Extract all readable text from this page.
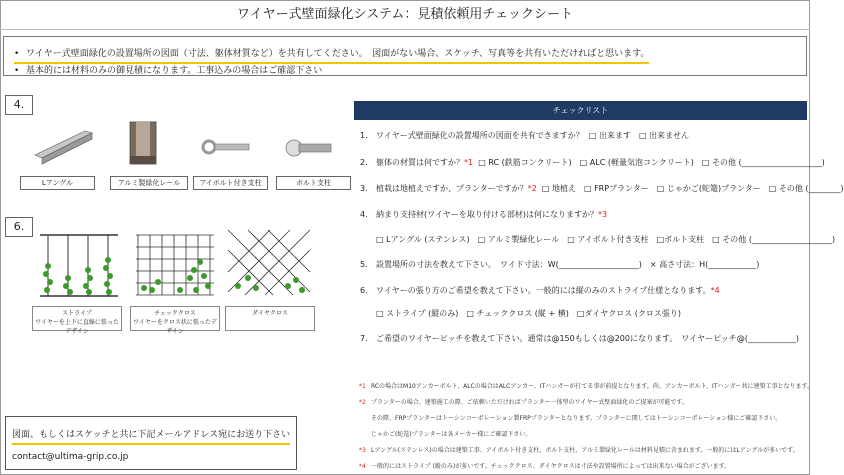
ワイヤー式壁面緑化システム：見積依頼用チェックシート
• ワイヤー式壁面緑化の設置場所の図面（寸法、躯体材質など）を共有してください。　図面がない場合、スケッチ、写真等を共有いただければと思います。
• 基本的には材料のみの御見積になります。工事込みの場合はご確認下さい
4.
6.
Lアングル	アルミ製緑化レール	アイボルト付き支柱	ボルト支柱
ストライプ
ワイヤーを上下に直線に張ったデザイン
チェッククロス
ワイヤーをクロス状に張ったデザイン
ダイヤクロス
チェックリスト
1. ワイヤー式壁面緑化の設置場所の図面を共有できますか？ □ 出来ます　□ 出来ません
2. 躯体の材質は何ですか？*1 □ RC (鉄筋コンクリート)　□ ALC (軽量気泡コンクリート)　□ その他 (____________________)
3. 植栽は地植えですか、プランターですか？*2 □ 地植え　□ FRPプランター　□ じゃかご(蛇篭)プランター　□ その他 (________)
4. 納まり支持材(ワイヤーを取り付ける部材)は何になりますか？*3
□ Lアングル (ステンレス)　□ アルミ製緑化レール　□ アイボルト付き支柱　□ボルト支柱　□ その他 (____________________)
5. 設置場所の寸法を教えて下さい。　ワイド寸法：W(____________________)　× 高さ寸法：H(____________)
6. ワイヤーの張り方のご希望を教えて下さい。一般的には縦のみのストライプ仕様となります。*4
□ ストライプ (縦のみ)　□ チェッククロス (縦 + 横)　□ダイヤクロス (クロス張り)
7. ご希望のワイヤーピッチを教えて下さい。通常は@150もしくは@200になります。　ワイヤーピッチ@(____________)
*1 RCの場合はM10アンカーボルト、ALCの場合はALCアンカー、ITハンガーが打てる事が前提となります。尚、アンカーボルト、ITハンガー共に建築工事となります。
*2 プランターの場合、建築施工の際、ご依頼いただければプランター一体型のワイヤー式壁面緑化のご提案が可能です。
その際、FRPプランターはトーシンコーポレーション製FRPプランターとなります。プランターに関してはトーシンコーポレーション様にご確認下さい。
じゃかご(蛇篭)プランターは各メーカー様にご確認下さい。
*3 Lアングル(ステンレス)の場合は建築工事、アイボルト付き支柱、ボルト支柱、アルミ製緑化レールは材料見積に含まれます。一般的にはLアングルが多いです。
*4 一般的にはストライプ (縦のみ)が多いです。チェッククロス、ダイヤクロスは寸法や設置場所によっては出来ない場合がございます。
図面、もしくはスケッチと共に下記メールアドレス宛にお送り下さい
contact@ultima-grip.co.jp
